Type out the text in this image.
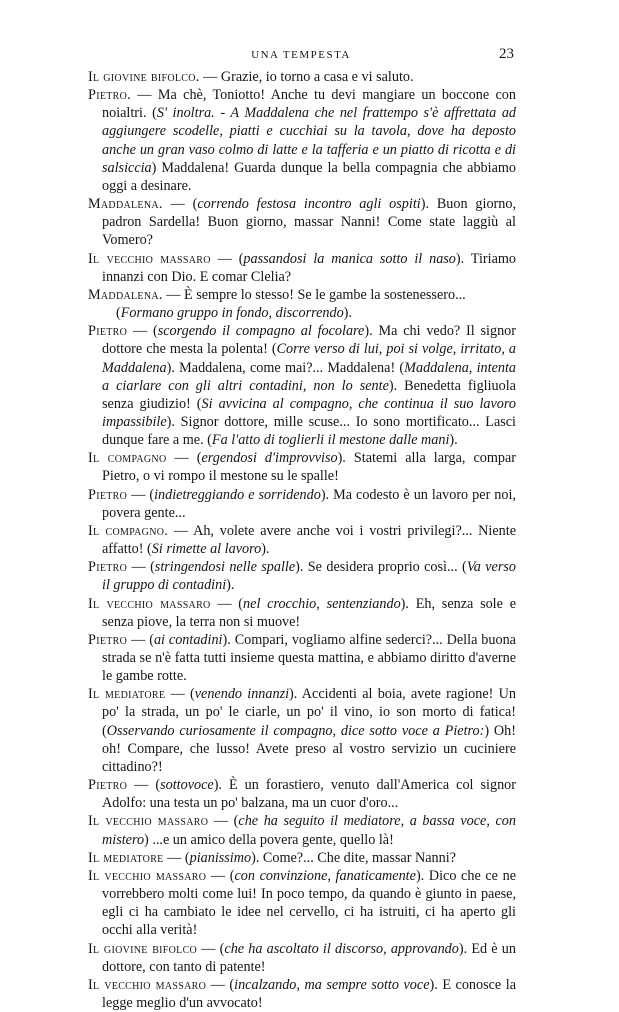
UNA TEMPESTA	23

Il giovine bifolco. — Grazie, io torno a casa e vi saluto.

Pietro. — Ma chè, Toniotto! Anche tu devi mangiare un boccone con noialtri. (S' inoltra. - A Maddalena che nel frattempo s'è affrettata ad aggiungere scodelle, piatti e cucchiai su la tavola, dove ha deposto anche un gran vaso colmo di latte e la tafferia e un piatto di ricotta e di salsiccia) Maddalena! Guarda dunque la bella compagnia che abbiamo oggi a desinare.

Maddalena. — (correndo festosa incontro agli ospiti). Buon giorno, padron Sardella! Buon giorno, massar Nanni! Come state laggiù al Vomero?

Il vecchio massaro — (passandosi la manica sotto il naso). Tiriamo innanzi con Dio. E comar Clelia?

Maddalena. — È sempre lo stesso! Se le gambe la sostenessero...

(Formano gruppo in fondo, discorrendo).

Pietro — (scorgendo il compagno al focolare). Ma chi vedo? Il signor dottore che mesta la polenta! (Corre verso di lui, poi si volge, irritato, a Maddalena). Maddalena, come mai?... Maddalena! (Maddalena, intenta a ciarlare con gli altri contadini, non lo sente). Benedetta figliuola senza giudizio! (Si avvicina al compagno, che continua il suo lavoro impassibile). Signor dottore, mille scuse... Io sono mortificato... Lasci dunque fare a me. (Fa l'atto di toglierli il mestone dalle mani).

Il compagno — (ergendosi d'improvviso). Statemi alla larga, compar Pietro, o vi rompo il mestone su le spalle!

Pietro — (indietreggiando e sorridendo). Ma codesto è un lavoro per noi, povera gente...

Il compagno. — Ah, volete avere anche voi i vostri privilegi?... Niente affatto! (Si rimette al lavoro).

Pietro — (stringendosi nelle spalle). Se desidera proprio così... (Va verso il gruppo di contadini).

Il vecchio massaro — (nel crocchio, sentenziando). Eh, senza sole e senza piove, la terra non si muove!

Pietro — (ai contadini). Compari, vogliamo alfine sederci?... Della buona strada se n'è fatta tutti insieme questa mattina, e abbiamo diritto d'averne le gambe rotte.

Il mediatore — (venendo innanzi). Accidenti al boia, avete ragione! Un po' la strada, un po' le ciarle, un po' il vino, io son morto di fatica! (Osservando curiosamente il compagno, dice sotto voce a Pietro:) Oh! oh! Compare, che lusso! Avete preso al vostro servizio un cuciniere cittadino?!

Pietro — (sottovoce). È un forastiero, venuto dall'America col signor Adolfo: una testa un po' balzana, ma un cuor d'oro...

Il vecchio massaro — (che ha seguito il mediatore, a bassa voce, con mistero) ...e un amico della povera gente, quello là!

Il mediatore — (pianissimo). Come?... Che dite, massar Nanni?

Il vecchio massaro — (con convinzione, fanaticamente). Dico che ce ne vorrebbero molti come lui! In poco tempo, da quando è giunto in paese, egli ci ha cambiato le idee nel cervello, ci ha istruiti, ci ha aperto gli occhi alla verità!

Il giovine bifolco — (che ha ascoltato il discorso, approvando). Ed è un dottore, con tanto di patente!

Il vecchio massaro — (incalzando, ma sempre sotto voce). E conosce la legge meglio d'un avvocato!
